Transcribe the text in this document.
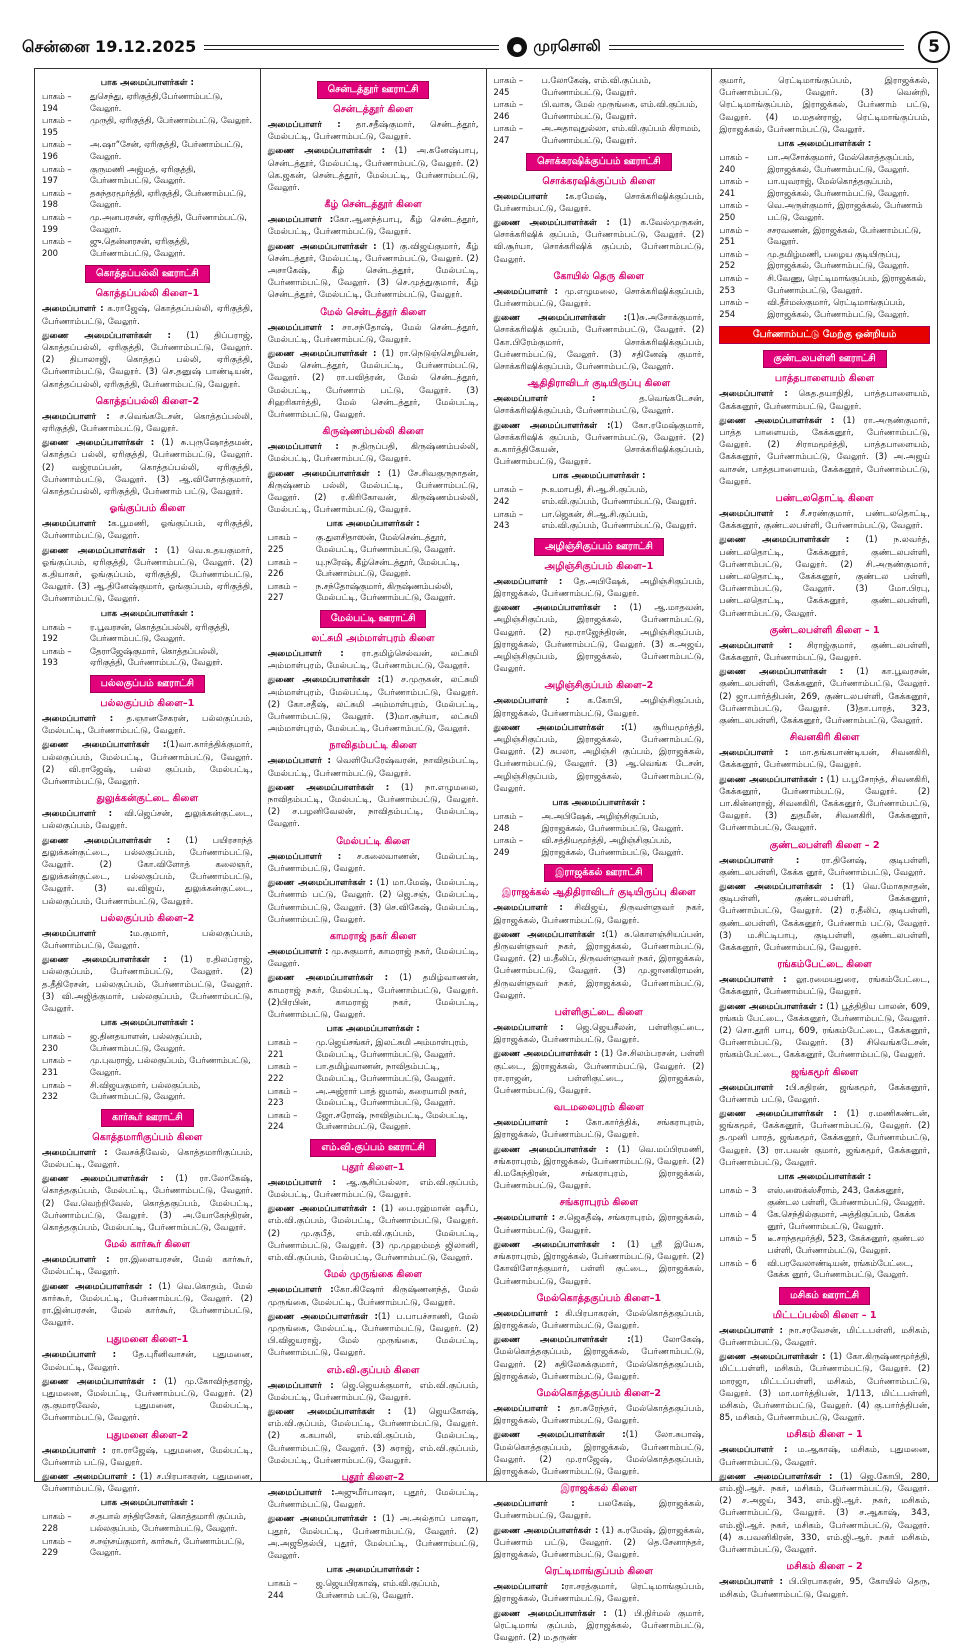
சென்னை 19.12.2025	● முரசொலி	5
பாக அமைப்பாளர்கள் :
பாகம் – 194
துசெந்து, ஏரிகுத்தி,பேர்ணாம்பட்டு, வேலூர்.
பாகம் – 195
முருதி, ஏரிகுத்தி, பேர்ணாம்பட்டு, வேலூர்.
பாகம் – 196
அ.ஷா“சேன், ஏரிகுத்தி, பேர்ணாம்பட்டு, வேலூர்.
பாகம் – 197
குருமணி அஜ்மத், ஏரிகுத்தி, பேர்ணாம்பட்டு, வேலூர்.
பாகம் – 198
தசுந்தரமூர்த்தி, ஏரிகுத்தி, பேர்ணாம்பட்டு, வேலூர்.
பாகம் – 199
மு.அனபரசன், ஏரிகுத்தி, பேர்ணாம்பட்டு, வேலூர்.
பாகம் – 200
ஜு.தென்னரசன், ஏரிகுத்தி, பேர்ணாம்பட்டு, வேலூர்.
கொத்தப்பல்லி ஊராட்சி
கொத்தப்பல்லி கிளை–1

அமைப்பாளர் : க.ராஜேஷ், கொத்தப்பல்லி, ஏரிகுத்தி, பேர்ணாம்பட்டு, வேலூர்.

துணை அமைப்பாளர்கள் : (1) திப்பராஜ், கொத்தப்பல்லி, ஏரிகுத்தி, பேர்ணாம்பட்டு, வேலூர். (2) திபாலாஜி, கொத்தப் பல்லி, ஏரிகுத்தி, பேர்ணாம்பட்டு, வேலூர். (3) செ.தனுஷ் பாண்டியன், கொத்தப்பல்லி, ஏரிகுத்தி, பேர்ணாம்பட்டு, வேலூர்.

கொத்தப்பல்லி கிளை–2

அமைப்பாளர் : ச.வெங்கடேசன், கொத்தப்பல்லி, ஏரிகுத்தி, பேர்ணாம்பட்டு, வேலூர்.

துணை அமைப்பாளர்கள் : (1) சு.புருஷோத்தமன், கொத்தப் பல்லி, ஏரிகுத்தி, பேர்ணாம்பட்டு, வேலூர். (2) வஜ்ரமப்பன், கொத்தப்பல்லி, ஏரிகுத்தி, பேர்ணாம்பட்டு, வேலூர். (3) ஆ.விளோத்குமார், கொத்தப்பல்லி, ஏரிகுத்தி, பேர்ணாம் பட்டு, வேலூர்.

ஓங்குப்பம் கிளை

அமைப்பாளர் :க.பூமணி, ஓங்குப்பம், ஏரிகுத்தி, பேர்ணாம்பட்டு, வேலூர்.

துணை அமைப்பாளர்கள் : (1) வெ.உதயகுமார், ஓங்குப்பம், ஏரிகுத்தி, பேர்ணாம்பட்டு, வேலூர். (2) க.தியாகர், ஓங்குப்பம், ஏரிகுத்தி, பேர்ணாம்பட்டு, வேலூர். (3) ஆ.தினேஷ்குமார், ஓங்குப்பம், ஏரிகுத்தி, பேர்ணாம்பட்டு, வேலூர்.

பாக அமைப்பாளர்கள் :
பாகம் – 192
ர.பூவரசன், கொத்தப்பல்லி, ஏரிகுத்தி, பேர்ணாம்பட்டு, வேலூர்.
பாகம் – 193
தேராஜேஷ்குமார், கொத்தப்பல்லி, ஏரிகுத்தி, பேர்ணாம்பட்டு, வேலூர்.
பல்லகுப்பம் ஊராட்சி
பல்லகுப்பம் கிளை–1

அமைப்பாளர் : த.ஞானசேகரன், பல்லகுப்பம், மேல்பட்டி, பேர்ணாம்பட்டு, வேலூர்.

துணை அமைப்பாளர்கள் :(1)வா.கார்த்திக்குமார், பல்லகுப்பம், மேல்பட்டி, பேர்ணாம்பட்டு, வேலூர். (2) வி.ராஜேஷ், பல்ல குப்பம், மேல்பட்டி, பேர்ணாம்பட்டு, வேலூர்.

துலுக்கன்குட்டை கிளை

அமைப்பாளர் : வி.ஜெப்சன், துலுக்கன்குட்டை, பல்லகுப்பம், வேலூர்.

துணை அமைப்பாளர்கள் : (1) பயிரசாந்த் துலுக்கன்குட்டை, பல்லகுப்பம், பேர்ணாம்பட்டு, வேலூர். (2) கோ.விளோத் கலைஞர், துலுக்கன்குட்டை, பல்லகுப்பம், பேர்ணாம்பட்டு, வேலூர். (3) வ.விஜய், துலுக்கன்குட்டை, பல்லகுப்பம், பேர்ணாம்பட்டு, வேலூர்.

பல்லகுப்பம் கிளை–2

அமைப்பாளர் :ம.குமார், பல்லகுப்பம், பேர்ணாம்பட்டு, வேலூர்.

துணை அமைப்பாளர்கள் : (1) ர.திலப்ராஜ், பல்லகுப்பம், பேர்ணாம்பட்டு, வேலூர். (2) த.தீதிரேசன், பல்லகுப்பம், பேர்ணாம்பட்டு, வேலூர். (3) வி.அஜித்குமார், பல்லகுப்பம், பேர்ணாம்பட்டு, வேலூர்.

பாக அமைப்பாளர்கள் :
பாகம் – 230
ஜ.தினதயாளன், பல்லகுப்பம், பேர்ணாம்பட்டு, வேலூர்.
பாகம் – 231
மு.புவராஜ், பல்லகுப்பம், பேர்ணாம்பட்டு, வேலூர்.
பாகம் – 232
சி.விஜயகுமார், பல்லகுப்பம், பேர்ணாம்பட்டு, வேலூர்.
கார்கூர் ஊராட்சி
கொத்தமாரிகுப்பம் கிளை

அமைப்பாளர் : வேசக்தீவேல், கொத்தமாரிகுப்பம், மேல்பட்டி, வேலூர்.

துணை அமைப்பாளர்கள் : (1) ரா.லோகேஷ், கொத்தகுப்பம், மேல்பட்டி, பேர்ணாம்பட்டு, வேலூர். (2) வே.வெற்றிவேல், கொத்தகுப்பம், மேல்பட்டி, பேர்ணாம்பட்டு, வேலூர். (3) அ.யோகேந்திரன், கொத்தகுப்பம், மேல்பட்டி, பேர்ணாம்பட்டு, வேலூர்.

மேல் கார்கூர் கிளை

அமைப்பாளர் : ரா.இளையரசன், மேல் கார்கூர், மேல்பட்டி, வேலூர்.

துணை அமைப்பாளர்கள் : (1) வெ.கொதம், மேல் கார்கூர், மேல்பட்டி, பேர்ணாம்பட்டு, வேலூர். (2) ரா.இன்பரசன், மேல் கார்கூர், பேர்ணாம்பட்டு, வேலூர்.

புதுமனை கிளை–1

அமைப்பாளர் : தே.புரீனிவாசன், புதுமனை, மேல்பட்டி, வேலூர்.

துணை அமைப்பாளர்கள் : (1) மு.கோவிந்தராஜ், புதுமனை, மேல்பட்டி, பேர்ணாம்பட்டு, வேலூர். (2) கு.குமாரவேல், புதுமனை, மேல்பட்டி, பேர்ணாம்பட்டு, வேலூர்.

புதுமனை கிளை–2

அமைப்பாளர் : ரா.ராஜேஷ், புதுமனை, மேல்பட்டி, பேர்ணாம் பட்டு, வேலூர்.

துணை அமைப்பாளர் : (1) ச.பிரபாகரன், புதுமனை, பேர்ணாம்பட்டு, வேலூர்.

பாக அமைப்பாளர்கள் :
பாகம் – 228
ச.தபால் சந்திரசேகர், கொத்தமாரி குப்பம், பல்லகுப்பம், பேர்ணாம்பட்டு, வேலூர்.
பாகம் – 229
ச.சஞ்சய்குமார், கார்கூர், பேர்ணாம்பட்டு, வேலூர்.
சென்டத்தூர் ஊராட்சி
சென்டத்தூர் கிளை

அமைப்பாளர் : தா.சதீஷ்குமார், சென்டத்தூர், மேல்பட்டி, பேர்ணாம்பட்டு, வேலூர்.

துணை அமைப்பாளர்கள் : (1) அ.கனேஷ்பாபு, சென்டத்தூர், மேல்பட்டி, பேர்ணாம்பட்டு, வேலூர். (2) கெ.ஜகன், சென்டத்தூர், மேல்பட்டி, பேர்ணாம்பட்டு, வேலூர்.

கீழ் சென்டத்தூர் கிளை

அமைப்பாளர் :கோ.ஆனந்த்பாபு, கீழ் சென்டத்தூர், மேல்பட்டி, பேர்ணாம்பட்டு, வேலூர்.

துணை அமைப்பாளர்கள் : (1) கு.விஜய்குமார், கீழ் சென்டத்தூர், மேல்பட்டி, பேர்ணாம்பட்டு, வேலூர். (2) அசாகேஷ், கீழ் சென்டத்தூர், மேல்பட்டி, பேர்ணாம்பட்டு, வேலூர். (3) செ.முத்துகுமார், கீழ் சென்டத்தூர், மேல்பட்டி, பேர்ணாம்பட்டு, வேலூர்.

மேல் சென்டத்தூர் கிளை

அமைப்பாளர் : சா.சந்தோஷ், மேல் சென்டத்தூர், மேல்பட்டி, பேர்ணாம்பட்டு, வேலூர்.

துணை அமைப்பாளர்கள் : (1) ரா.நெடுஞ்செழியன், மேல் சென்டத்தூர், மேல்பட்டி, பேர்ணாம்பட்டு, வேலூர். (2) ரா.பவித்ரன், மேல் சென்டத்தூர், மேல்பட்டி, பேர்ணாம் பட்டு, வேலூர். (3) சிஹரிகார்த்தி, மேல் சென்டத்தூர், மேல்பட்டி, பேர்ணாம்பட்டு, வேலூர்.

கிருஷ்ணம்பல்லி கிளை

அமைப்பாளர் : ந.திருப்பதி, கிருஷ்ணம்பல்லி, மேல்பட்டி, பேர்ணாம்பட்டு, வேலூர்.

துணை அமைப்பாளர்கள் : (1) சே.சிவகுருநாதன், கிருஷ்ணம் பல்லி, மேல்பட்டி, பேர்ணாம்பட்டு, வேலூர். (2) ர.கிரிகோவன், கிருஷ்ணம்பல்லி, மேல்பட்டி, பேர்ணாம்பட்டு, வேலூர்.

பாக அமைப்பாளர்கள் :
பாகம் – 225
கு.துளசிதாஸன், மேல்சென்டத்தூர், மேல்பட்டி, பேர்ணாம்பட்டு, வேலூர்.
பாகம் – 226
யு.நரேஷ், கீழ்சென்டத்தூர், மேல்பட்டி, பேர்ணாம்பட்டு, வேலூர்.
பாகம் – 227
ந.சந்தோஷ்குமார், கிருஷ்ணம்பல்லி, மேல்பட்டி, பேர்ணாம்பட்டு, வேலூர்.
மேல்பட்டி ஊராட்சி
லட்சுமி அம்மாள்புரம் கிளை

அமைப்பாளர் : ரா.தமிழ்செல்வன், லட்சுமி அம்மாள்புரம், மேல்பட்டி, பேர்ணாம்பட்டு, வேலூர்.

துணை அமைப்பாளர்கள் :(1) ச.முருகன், லட்சுமி அம்மாள்புரம், மேல்பட்டி, பேர்ணாம்பட்டு, வேலூர். (2) கோ.சதீஷ், லட்சுமி அம்மாள்புரம், மேல்பட்டி, பேர்ணாம்பட்டு, வேலூர். (3)மா.சூர்யா, லட்சுமி அம்மாள்புரம், மேல்பட்டி, பேர்ணாம்பட்டு, வேலூர்.

நாவிதம்பட்டி கிளை

அமைப்பாளர் : வெளியேரேஷ்வரன், நாவிதம்பட்டி, மேல்பட்டி, பேர்ணாம்பட்டு, வேலூர்.

துணை அமைப்பாளர்கள் : (1) நா.எழுமலை, நாவிதம்பட்டி, மேல்பட்டி, பேர்ணாம்பட்டு, வேலூர். (2) ச.பழனிவேலன், நாவிதம்பட்டி, மேல்பட்டி, வேலூர்.

மேல்பட்டி கிளை

அமைப்பாளர் : ச.கலைவாணன், மேல்பட்டி, பேர்ணாம்பட்டு, வேலூர்.

துணை அமைப்பாளர்கள் : (1) மா.மேஷ், மேல்பட்டி, பேர்ணாம் பட்டு, வேலூர். (2) ஜெ.சஞ், மேல்பட்டி, பேர்ணாம்பட்டு, வேலூர். (3) செ.விகேஷ், மேல்பட்டி, பேர்ணாம்பட்டு, வேலூர்.

காமராஜ் நகர் கிளை

அமைப்பாளர் : மு.சுகுமார், காமராஜ் நகர், மேல்பட்டி, வேலூர்.

துணை அமைப்பாளர்கள் : (1) தமிழ்வாணன், காமராஜ் நகர், மேல்பட்டி, பேர்ணாம்பட்டு, வேலூர். (2)பிரபின், காமராஜ் நகர், மேல்பட்டி, பேர்ணாம்பட்டு, வேலூர்.

பாக அமைப்பாளர்கள் :
பாகம் – 221
மு.ஜெய்சங்கர், இலட்சுமி அம்மாள்புரம், மேல்பட்டி, பேர்ணாம்பட்டு, வேலூர்.
பாகம் – 222
பா.தமிழ்வாணன், நாவிதம்பட்டி, மேல்பட்டி, பேர்ணாம்பட்டு, வேலூர்.
பாகம் – 223
அ.அஜ்ரார் பாத் ஜமால், கரையாமி நகர், மேல்பட்டி, பேர்ணாம்பட்டு, வேலூர்.
பாகம் – 224
ஜோ.சரோஷ், நாவிதம்பட்டி, மேல்பட்டி, பேர்ணாம்பட்டு, வேலூர்.
எம்.வி.குப்பம் ஊராட்சி
புதூர் கிளை–1

அமைப்பாளர் : ஆ.சூசிப்பல்லா, எம்.வி.குப்பம், மேல்பட்டி, பேர்ணாம்பட்டு, வேலூர்.

துணை அமைப்பாளர்கள் : (1) பை.ரஹ்மான் ஷரீப், எம்.வி.குப்பம், மேல்பட்டி, பேர்ணாம்பட்டு, வேலூர். (2) மு.குபீத், எம்.வி.குப்பம், மேல்பட்டி, பேர்ணாம்பட்டு, வேலூர். (3) மு.முஹம்மத் ஜிலானி, எம்.வி.குப்பம், மேல்பட்டி, பேர்ணாம்பட்டு, வேலூர்.

மேல் முருங்கை கிளை

அமைப்பாளர் :கோ.கிஷோர் கிருஷ்ணனந்த், மேல் முருங்கை, மேல்பட்டி, பேர்ணாம்பட்டு, வேலூர்.

துணை அமைப்பாளர்கள் :(1) ப.பாபச்சாணி, மேல் முருங்கை, மேல்பட்டி, பேர்ணாம்பட்டு, வேலூர். (2) பி.விஜயராஜ், மேல் முருங்கை, மேல்பட்டி, பேர்ணாம்பட்டு, வேலூர்.

எம்.வி.குப்பம் கிளை

அமைப்பாளர் : ஜெ.ஜெயக்குமார், எம்.வி.குப்பம், மேல்பட்டி, பேர்ணாம்பட்டு, வேலூர்.

துணை அமைப்பாளர்கள் : (1) ஜெயகோஷ், எம்.வி.குப்பம், மேல்பட்டி, பேர்ணாம்பட்டு, வேலூர். (2) க.கபாலி, எம்.வி.குப்பம், மேல்பட்டி, பேர்ணாம்பட்டு, வேலூர். (3) சுராஜ், எம்.வி.குப்பம், மேல்பட்டி, பேர்ணாம்பட்டு, வேலூர்.

புதூர் கிளை–2

அமைப்பாளர் :அஜுமீர்பாஷா, புதூர், மேல்பட்டி, பேர்ணாம்பட்டு, வேலூர்.

துணை அமைப்பாளர்கள் : (1) அ.அல்தாப் பாஷா, புதூர், மேல்பட்டி, பேர்ணாம்பட்டு, வேலூர். (2) அ.அஜூதல்பி, புதூர், மேல்பட்டி, பேர்ணாம்பட்டு, வேலூர்.

பாக அமைப்பாளர்கள் :
பாகம் – 244
ஜ.ஜெயபிரகாஷ், எம்.வி.குப்பம், பேர்ணாம் பட்டு, வேலூர்.
பாகம் – 245
ப.லோகேஷ், எம்.வி.குப்பம், பேர்ணாம்பட்டு, வேலூர்.
பாகம் – 246
பி.வாசு, மேல் முருங்கை, எம்.வி.குப்பம், பேர்ணாம்பட்டு, வேலூர்.
பாகம் – 247
அ.அதாவுதுல்லா, எம்.வி.குப்பம் கிராமம், பேர்ணாம்பட்டு, வேலூர்.
சொக்கரஷிக்குப்பம் ஊராட்சி
சொக்கரஷிக்குப்பம் கிளை

அமைப்பாளர் :க.ரமேஷ், சொக்கரிஷிக்குப்பம், பேர்ணாம்பட்டு, வேலூர்.

துணை அமைப்பாளர்கள் : (1) க.வேல்முருகன், சொக்கரிஷிக் குப்பம், பேர்ணாம்பட்டு, வேலூர். (2) வி.சூர்யா, சொக்கரிஷிக் குப்பம், பேர்ணாம்பட்டு, வேலூர்.

கோயில் தெரு கிளை

அமைப்பாளர் : மு.எழுமலை, சொக்கரிஷிக்குப்பம், பேர்ணாம்பட்டு, வேலூர்.

துணை அமைப்பாளர்கள் :(1)சு.அசோக்குமார், சொக்கரிஷிக் குப்பம், பேர்ணாம்பட்டு, வேலூர். (2) கோ.பிரேம்குமார், சொக்கரிஷிக்குப்பம், பேர்ணாம்பட்டு, வேலூர். (3) சதினேஷ் குமார், சொக்கரிஷிக்குப்பம், பேர்ணாம்பட்டு, வேலூர்.

ஆதிதிராவிடர் குடியிருப்பு கிளை

அமைப்பாளர் : த.வெங்கடேசன், சொக்கரிஷிக்குப்பம், பேர்ணாம்பட்டு, வேலூர்.

துணை அமைப்பாளர்கள் :(1) கோ.ரமேஷ்குமார், சொக்கரிஷிக் குப்பம், பேர்ணாம்பட்டு, வேலூர். (2) க.கார்த்திகேயன், சொக்கரிஷிக்குப்பம், பேர்ணாம்பட்டு, வேலூர்.

பாக அமைப்பாளர்கள் :
பாகம் – 242
ந.உமாபதி, சி.ஆ.சி.குப்பம், எம்.வி.குப்பம், பேர்ணாம்பட்டு, வேலூர்.
பாகம் – 243
பா.ஜெகன், சி.ஆ.சி.குப்பம், எம்.வி.குப்பம், பேர்ணாம்பட்டு, வேலூர்.
அழிஞ்சிகுப்பம் ஊராட்சி
அழிஞ்சிகுப்பம் கிளை–1

அமைப்பாளர் : தே.அபிஷேக், அழிஞ்சிகுப்பம், இராஜக்கல், பேர்ணாம்பட்டு, வேலூர்.

துணை அமைப்பாளர்கள் : (1) ஆ.மாதவன், அழிஞ்சிகுப்பம், இராஜக்கல், பேர்ணாம்பட்டு, வேலூர். (2) மூ.ராஜேந்திரன், அழிஞ்சிகுப்பம், இராஜக்கல், பேர்ணாம்பட்டு, வேலூர். (3) க.அஜய், அழிஞ்சிகுப்பம், இராஜக்கல், பேர்ணாம்பட்டு, வேலூர்.

அழிஞ்சிகுப்பம் கிளை–2

அமைப்பாளர் : க.கோபி, அழிஞ்சிகுப்பம், இராஜக்கல், பேர்ணாம்பட்டு, வேலூர்.

துணை அமைப்பாளர்கள் :(1) சூரியமூர்த்தி, அழிஞ்சிகுப்பம், இராஜக்கல், பேர்ணாம்பட்டு, வேலூர். (2) சுபலா, அழிஞ்சி குப்பம், இராஜக்கல், பேர்ணாம்பட்டு, வேலூர். (3) ஆ.வெங்க டேசன், அழிஞ்சிகுப்பம், இராஜக்கல், பேர்ணாம்பட்டு, வேலூர்.

பாக அமைப்பாளர்கள் :
பாகம் – 248
அ.அபிஷேக், அழிஞ்சிகுப்பம், இராஜக்கல், பேர்ணாம்பட்டு, வேலூர்.
பாகம் – 249
வி.சத்தியமூர்த்தி, அழிஞ்சிகுப்பம், இராஜக்கல், பேர்ணாம்பட்டு, வேலூர்.
இராஜக்கல் ஊராட்சி
இராஜக்கல் ஆதிதிராவிடர் குடியிருப்பு கிளை

அமைப்பாளர் : சிவிஜய், திருவள்ளுவர் நகர், இராஜக்கல், பேர்ணாம்பட்டு, வேலூர்.

துணை அமைப்பாளர்கள் :(1) சு.கொளஞ்சியப்பன், திருவள்ளுவர் நகர், இராஜக்கல், பேர்ணாம்பட்டு, வேலூர். (2) ம.தீலிப், திருவள்ளுவர் நகர், இராஜக்கல், பேர்ணாம்பட்டு, வேலூர். (3) மு.ஜானகிராமன், திருவள்ளுவர் நகர், இராஜக்கல், பேர்ணாம்பட்டு, வேலூர்.

பள்ளிகுட்டை கிளை

அமைப்பாளர் : ஜெ.ஜெயசீலன், பள்ளிகுட்டை, இராஜக்கல், பேர்ணாம்பட்டு, வேலூர்.

துணை அமைப்பாளர்கள் : (1) சே.சிலம்பரசன், பள்ளி குட்டை, இராஜக்கல், பேர்ணாம்பட்டு, வேலூர். (2) ரா.ராஜன், பள்ளிகுட்டை, இராஜக்கல், பேர்ணாம்பட்டு, வேலூர்.

வடமலைபுரம் கிளை

அமைப்பாளர் : கோ.கார்த்திக், சங்கராபுரம், இராஜக்கல், பேர்ணாம்பட்டு, வேலூர்.

துணை அமைப்பாளர்கள் : (1) வெ.மப்பிரமணி, சங்கராபுரம், இராஜக்கல், பேர்ணாம்பட்டு, வேலூர். (2) கி.மகேந்திரன், சங்கராபுரம், இராஜக்கல், பேர்ணாம்பட்டு, வேலூர்.

சங்கராபுரம் கிளை

அமைப்பாளர் : ச.ஜெகதீஷ், சங்கராபுரம், இராஜக்கல், பேர்ணாம்பட்டு, வேலூர்.

துணை அமைப்பாளர்கள் : (1) ஸ்ரீ இயேசு, சங்கராபுரம், இராஜக்கல், பேர்ணாம்பட்டு, வேலூர். (2) கோவிளோத்குமார், பள்ளி குட்டை, இராஜக்கல், பேர்ணாம்பட்டு, வேலூர்.

மேல்கொத்தகுப்பம் கிளை–1

அமைப்பாளர் : கி.பிரபாகரன், மேல்கொத்தகுப்பம், இராஜக்கல், பேர்ணாம்பட்டு, வேலூர்.

துணை அமைப்பாளர்கள் :(1) லோகேஷ், மேல்கொத்தகுப்பம், இராஜக்கல், பேர்ணாம்பட்டு, வேலூர். (2) சுதிலேசுக்குமார், மேல்கொத்தகுப்பம், இராஜக்கல், பேர்ணாம்பட்டு, வேலூர்.

மேல்கொத்தகுப்பம் கிளை–2

அமைப்பாளர் : தா.சுரேந்தர், மேல்கொத்தகுப்பம், இராஜக்கல், பேர்ணாம்பட்டு, வேலூர்.

துணை அமைப்பாளர்கள் :(1) லோ.சுபாஷ், மேல்கொத்தகுப்பம், இராஜக்கல், பேர்ணாம்பட்டு, வேலூர். (2) மு.ராஜேஷ், மேல்கொத்தகுப்பம், இராஜக்கல், பேர்ணாம்பட்டு, வேலூர்.

இராஜக்கல் கிளை

அமைப்பாளர் : பலகேஷ், இராஜக்கல், பேர்ணாம்பட்டு, வேலூர்.

துணை அமைப்பாளர்கள் : (1) க.ரமேஷ், இராஜக்கல், பேர்ணாம் பட்டு, வேலூர். (2) தெ.சேனாந்தர், இராஜக்கல், பேர்ணாம்பட்டு, வேலூர்.

ரெட்டிமாங்குப்பம் கிளை

அமைப்பாளர் :ரா.சரத்குமார், ரெட்டிமாங்குப்பம், இராஜக்கல், பேர்ணாம்பட்டு, வேலூர்.

துணை அமைப்பாளர்கள் : (1) பி.நிர்மல் குமார், ரெட்டிமாங் குப்பம், இராஜக்கல், பேர்ணாம்பட்டு, வேலூர். (2) ம.தருண்

குமார், ரெட்டிமாங்குப்பம், இராஜக்கல், பேர்ணாம்பட்டு, வேலூர். (3) வென்றி, ரெட்டிமாங்குப்பம், இராஜக்கல், பேர்ணாம் பட்டு, வேலூர். (4) ம.மதன்ராஜ், ரெட்டிமாங்குப்பம், இராஜக்கல், பேர்ணாம்பட்டு, வேலூர்.

பாக அமைப்பாளர்கள் :
பாகம் – 240
பா.அசோக்குமார், மேல்கொத்தகுப்பம், இராஜக்கல், பேர்ணாம்பட்டு, வேலூர்.
பாகம் – 241
பா.யுவராஜ், மேல்கொத்தகுப்பம், இராஜக்கல், பேர்ணாம்பட்டு, வேலூர்.
பாகம் – 250
வெ.அருள்குமார், இராஜக்கல், பேர்ணாம் பட்டு, வேலூர்.
பாகம் – 251
சசரவணன், இராஜக்கல், பேர்ணாம்பட்டு, வேலூர்.
பாகம் – 252
மு.தமிழ்மணி, பழைய குடியிருப்பு, இராஜக்கல், பேர்ணாம்பட்டு, வேலூர்.
பாகம் – 253
சி.வேணு, ரெட்டிமாங்குப்பம், இராஜக்கல், பேர்ணாம்பட்டு, வேலூர்.
பாகம் – 254
வி.தீர்மஸ்குமார், ரெட்டிமாங்குப்பம், இராஜக்கல், பேர்ணாம்பட்டு, வேலூர்.
பேர்ணாம்பட்டு மேற்கு ஒன்றியம்
குண்டலபள்ளி ஊராட்சி
பாத்தபாளையம் கிளை

அமைப்பாளர் : கெத.தயாநிதி, பாத்தபாளையம், கேக்கனூர், பேர்ணாம்பட்டு, வேலூர்.

துணை அமைப்பாளர்கள் : (1) ரா.அருண்குமார், பாத்த பாளையம், கேக்கனூர், பேர்ணாம்பட்டு, வேலூர். (2) சிராமமூர்த்தி, பாத்தபாளையம், கேக்கனூர், பேர்ணாம்பட்டு, வேலூர். (3) அ.அஜய் வாசன், பாத்தபாளையம், கேக்கனூர், பேர்ணாம்பட்டு, வேலூர்.

பண்டலதொட்டி கிளை

அமைப்பாளர் : சீ.சரண்குமார், பண்டலதொட்டி, கேக்கனூர், குண்டலபள்ளி, பேர்ணாம்பட்டு, வேலூர்.

துணை அமைப்பாளர்கள் : (1) ந.லவர்த், பண்டலதொட்டி, கேக்கனூர், குண்டலபள்ளி, பேர்ணாம்பட்டு, வேலூர். (2) சி.அருண்குமார், பண்டலதொட்டி, கேக்கனூர், குண்டல பள்ளி, பேர்ணாம்பட்டு, வேலூர். (3) மோ.பிரபு, பண்டலதொட்டி, கேக்கனூர், குண்டலபள்ளி, பேர்ணாம்பட்டு, வேலூர்.

குண்டலபள்ளி கிளை – 1

அமைப்பாளர் : சிராஜ்குமார், குண்டலபள்ளி, கேக்கனூர், பேர்ணாம்பட்டு, வேலூர்.

துணை அமைப்பாளர்கள் : (1) கா.பூவரசன், குண்டலபள்ளி, கேக்கனூர், பேர்ணாம்பட்டு, வேலூர். (2) ஜா.பார்த்திபன், 269, குண்டலபள்ளி, கேக்கனூர், பேர்ணாம்பட்டு, வேலூர். (3)தா.பாரத், 323, குண்டலபள்ளி, கேக்கனூர், பேர்ணாம்பட்டு, வேலூர்.

சிவனகிரி கிளை

அமைப்பாளர் : மா.தங்கபாண்டியன், சிவனகிரி, கேக்கனூர், பேர்ணாம்பட்டு, வேலூர்.

துணை அமைப்பாளர்கள் : (1) ப.பூசோந்த், சிவனகிரி, கேக்கனூர், பேர்ணாம்பட்டு, வேலூர். (2) பா.கின்னராஜ், சிவனகிரி, கேக்கனூர், பேர்ணாம்பட்டு, வேலூர். (3) துதமீன், சிவனகிரி, கேக்கனூர், பேர்ணாம்பட்டு, வேலூர்.

குண்டலபள்ளி கிளை – 2

அமைப்பாளர் : ரா.தினேஷ், குடிபள்ளி, குண்டலபள்ளி, கேக்க னூர், பேர்ணாம்பட்டு, வேலூர்.

துணை அமைப்பாளர்கள் : (1) வெ.மோகநாதன், குடிபள்ளி, குண்டலபள்ளி, கேக்கனூர், பேர்ணாம்பட்டு, வேலூர். (2) ர.தீலிப், குடிபள்ளி, குண்டலபள்ளி, கேக்கனூர், பேர்ணாம் பட்டு, வேலூர். (3) ம.சிட்டிபாபு, குடிபள்ளி, குண்டலபள்ளி, கேக்கனூர், பேர்ணாம்பட்டு, வேலூர்.

ரங்கம்பேட்டை கிளை

அமைப்பாளர் : லூ.ரமையதுரை, ரங்கம்பேட்டை, கேக்கனூர், பேர்ணாம்பட்டு, வேலூர்.

துணை அமைப்பாளர்கள் : (1) பூத்திதிய பாலன், 609, ரங்கம் பேட்டை, கேக்கனூர், பேர்ணாம்பட்டு, வேலூர். (2) சொ.தூரி பாபு, 609, ரங்கம்பேட்டை, கேக்கனூர், பேர்ணாம்பட்டு, வேலூர். (3) சிவெங்கடேசன், ரங்கம்பேட்டை, கேக்கனூர், பேர்ணாம்பட்டு, வேலூர்.

ஜங்கமூர் கிளை

அமைப்பாளர் :பி.கதிரன், ஜங்கமூர், கேக்கனூர், பேர்ணாம் பட்டு, வேலூர்.

துணை அமைப்பாளர்கள் : (1) ர.மணிகண்டன், ஜங்கமூர், கேக்கனூர், பேர்ணாம்பட்டு, வேலூர். (2) த.முனி பாரத், ஜங்கமூர், கேக்கனூர், பேர்ணாம்பட்டு, வேலூர். (3) ரா.பவன் குமார், ஜங்கமூர், கேக்கனூர், பேர்ணாம்பட்டு, வேலூர்.

பாக அமைப்பாளர்கள் :
பாகம் – 3	எஸ்.ஸைக்ஸ்சீராம், 243, கேக்கனூர், குண்டல பள்ளி, பேர்ணாம்பட்டு, வேலூர்.
பாகம் – 4	கே.செந்தில்குமார், அத்திகுப்பம், கேக்க னூர், பேர்ணாம்பட்டு, வேலூர்.
பாகம் – 5	டீ.சாந்தமூர்த்தி, 523, கேக்கனூர், குண்டல பள்ளி, பேர்ணாம்பட்டு, வேலூர்.
பாகம் – 6	வி.பரவேலாண்டியன், ரங்கம்பேட்டை, கேக்க னூர், பேர்ணாம்பட்டு, வேலூர்.
மசிகம் ஊராட்சி
மிட்டப்பல்லி கிளை – 1

அமைப்பாளர் : நா.சரவேசன், மிட்டபள்ளி, மசிகம், பேர்ணாம்பட்டு, வேலூர்.

துணை அமைப்பாளர்கள் : (1) கோ.கிருஷ்ணமூர்த்தி, மிட்டபள்ளி, மசிகம், பேர்ணாம்பட்டு, வேலூர். (2) மாரஜா, மிட்டப்பள்ளி, மசிகம், பேர்ணாம்பட்டு, வேலூர். (3) மா.மார்த்திபன், 1/113, மிட்டபள்ளி, மசிகம், பேர்ணாம்பட்டு, வேலூர். (4) கு.பார்த்திபன், 85, மசிகம், பேர்ணாம்பட்டு, வேலூர்.

மசிகம் கிளை – 1

அமைப்பாளர் : ம.ஆகாஷ், மசிகம், புதுமனை, பேர்ணாம்பட்டு, வேலூர்.

துணை அமைப்பாளர்கள் : (1) ஜெ.கோபி, 280, எம்.ஜி.ஆர். நகர், மசிகம், பேர்ணாம்பட்டு, வேலூர். (2) ச.அஜய், 343, எம்.ஜி.ஆர். நகர், மசிகம், பேர்ணாம்பட்டு, வேலூர். (3) ச.ஆகாஷ், 343, எம்.ஜி.ஆர். நகர், மசிகம், பேர்ணாம்பட்டு, வேலூர். (4) சு.பவனிகிரன், 330, எம்.ஜி.ஆர். நகர் மசிகம், பேர்ணாம்பட்டு, வேலூர்.

மசிகம் கிளை – 2

அமைப்பாளர் : பி.பிரபாகரன், 95, கோயில் தெரு, மசிகம், பேர்ணாம்பட்டு, வேலூர்.
